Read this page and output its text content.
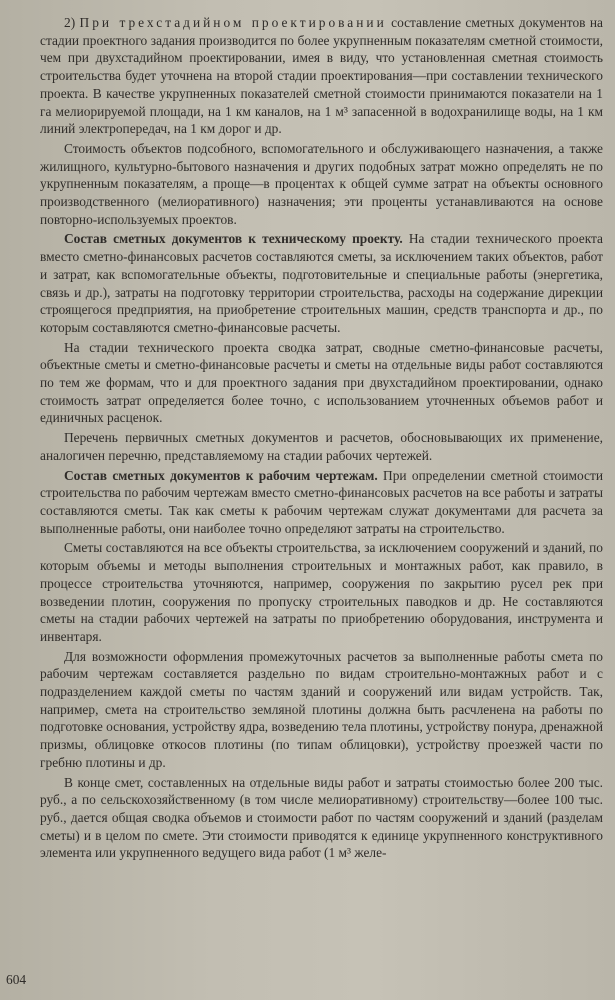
2) При трехстадийном проектировании составление сметных документов на стадии проектного задания производится по более укрупненным показателям сметной стоимости, чем при двухстадийном проектировании, имея в виду, что установленная сметная стоимость строительства будет уточнена на второй стадии проектирования—при составлении технического проекта. В качестве укрупненных показателей сметной стоимости принимаются показатели на 1 га мелиорируемой площади, на 1 км каналов, на 1 м³ запасенной в водохранилище воды, на 1 км линий электропередач, на 1 км дорог и др.

Стоимость объектов подсобного, вспомогательного и обслуживающего назначения, а также жилищного, культурно-бытового назначения и других подобных затрат можно определять не по укрупненным показателям, а проще—в процентах к общей сумме затрат на объекты основного производственного (мелиоративного) назначения; эти проценты устанавливаются на основе повторно-используемых проектов.

Состав сметных документов к техническому проекту. На стадии технического проекта вместо сметно-финансовых расчетов составляются сметы, за исключением таких объектов, работ и затрат, как вспомогательные объекты, подготовительные и специальные работы (энергетика, связь и др.), затраты на подготовку территории строительства, расходы на содержание дирекции строящегося предприятия, на приобретение строительных машин, средств транспорта и др., по которым составляются сметно-финансовые расчеты.

На стадии технического проекта сводка затрат, сводные сметно-финансовые расчеты, объектные сметы и сметно-финансовые расчеты и сметы на отдельные виды работ составляются по тем же формам, что и для проектного задания при двухстадийном проектировании, однако стоимость затрат определяется более точно, с использованием уточненных объемов работ и единичных расценок.

Перечень первичных сметных документов и расчетов, обосновывающих их применение, аналогичен перечню, представляемому на стадии рабочих чертежей.

Состав сметных документов к рабочим чертежам. При определении сметной стоимости строительства по рабочим чертежам вместо сметно-финансовых расчетов на все работы и затраты составляются сметы. Так как сметы к рабочим чертежам служат документами для расчета за выполненные работы, они наиболее точно определяют затраты на строительство.

Сметы составляются на все объекты строительства, за исключением сооружений и зданий, по которым объемы и методы выполнения строительных и монтажных работ, как правило, в процессе строительства уточняются, например, сооружения по закрытию русел рек при возведении плотин, сооружения по пропуску строительных паводков и др. Не составляются сметы на стадии рабочих чертежей на затраты по приобретению оборудования, инструмента и инвентаря.

Для возможности оформления промежуточных расчетов за выполненные работы смета по рабочим чертежам составляется раздельно по видам строительно-монтажных работ и с подразделением каждой сметы по частям зданий и сооружений или видам устройств. Так, например, смета на строительство земляной плотины должна быть расчленена на работы по подготовке основания, устройству ядра, возведению тела плотины, устройству понура, дренажной призмы, облицовке откосов плотины (по типам облицовки), устройству проезжей части по гребню плотины и др.

В конце смет, составленных на отдельные виды работ и затраты стоимостью более 200 тыс. руб., а по сельскохозяйственному (в том числе мелиоративному) строительству—более 100 тыс. руб., дается общая сводка объемов и стоимости работ по частям сооружений и зданий (разделам сметы) и в целом по смете. Эти стоимости приводятся к единице укрупненного конструктивного элемента или укрупненного ведущего вида работ (1 м³ желе-

604
